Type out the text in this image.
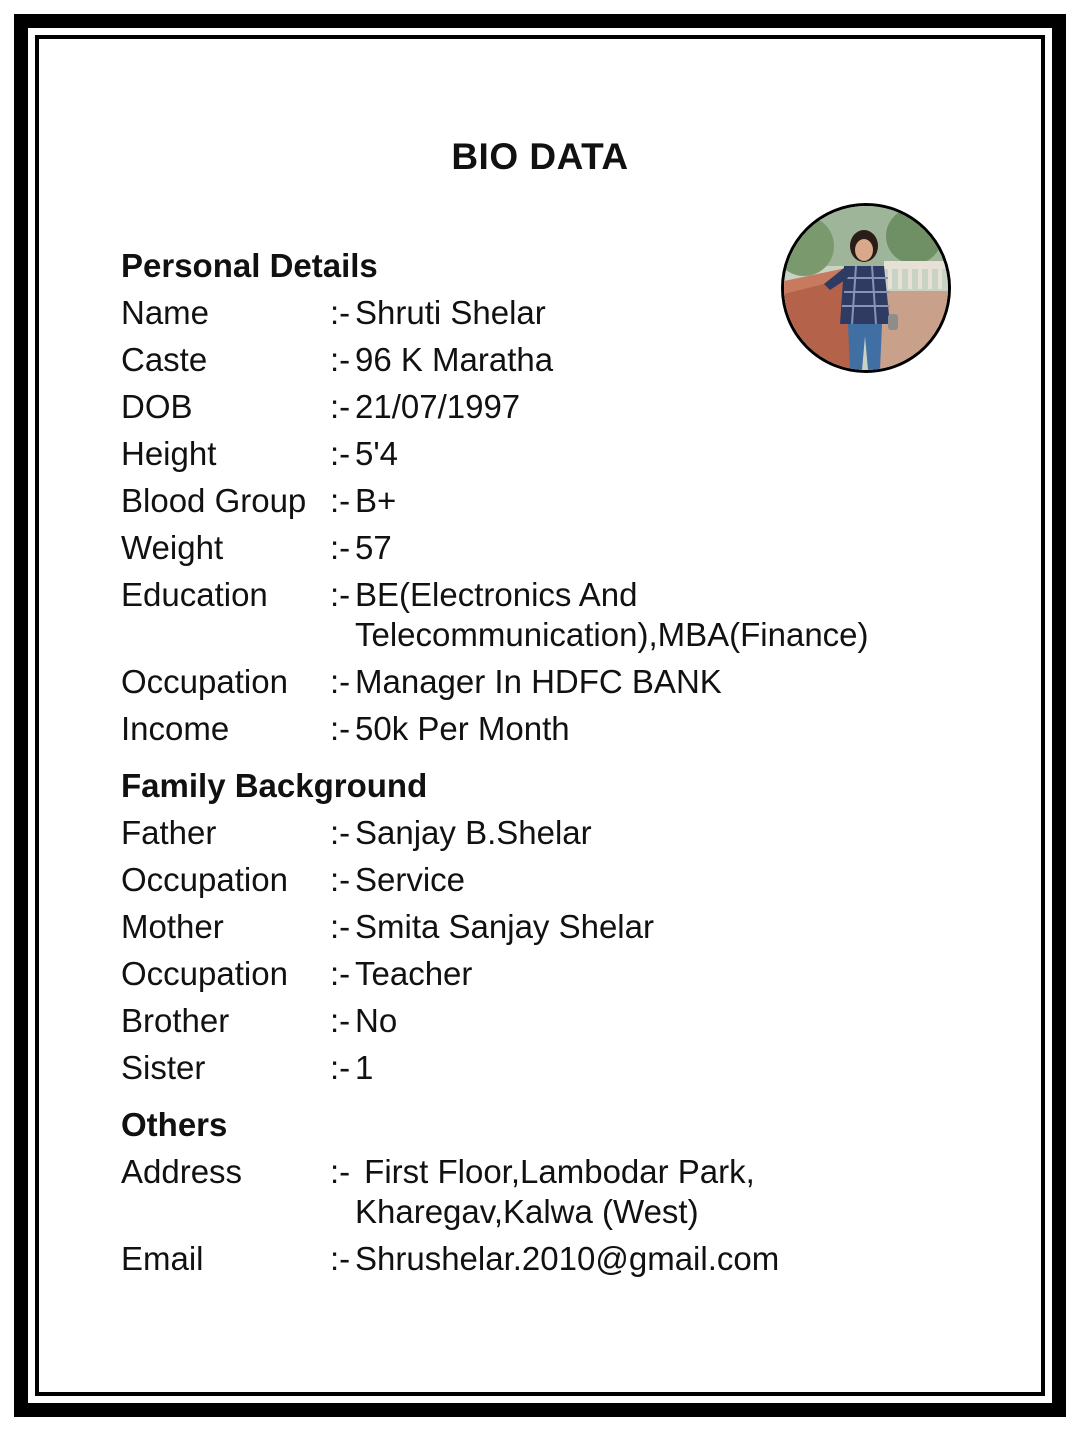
BIO DATA
Personal Details
Name	:- Shruti Shelar
Caste	:- 96 K Maratha
DOB	:- 21/07/1997
Height	:- 5'4
Blood Group :- B+
Weight	:- 57
Education :- BE(Electronics And
Telecommunication),MBA(Finance)
Occupation :- Manager In HDFC BANK
Income	:- 50k Per Month
Family Background
Father	:- Sanjay B.Shelar
Occupation :- Service
Mother	:- Smita Sanjay Shelar
Occupation :- Teacher
Brother	:- No
Sister	:- 1
Others
Address	:- First Floor,Lambodar Park,
Kharegav,Kalwa (West)
Email	:- Shrushelar.2010@gmail.com
